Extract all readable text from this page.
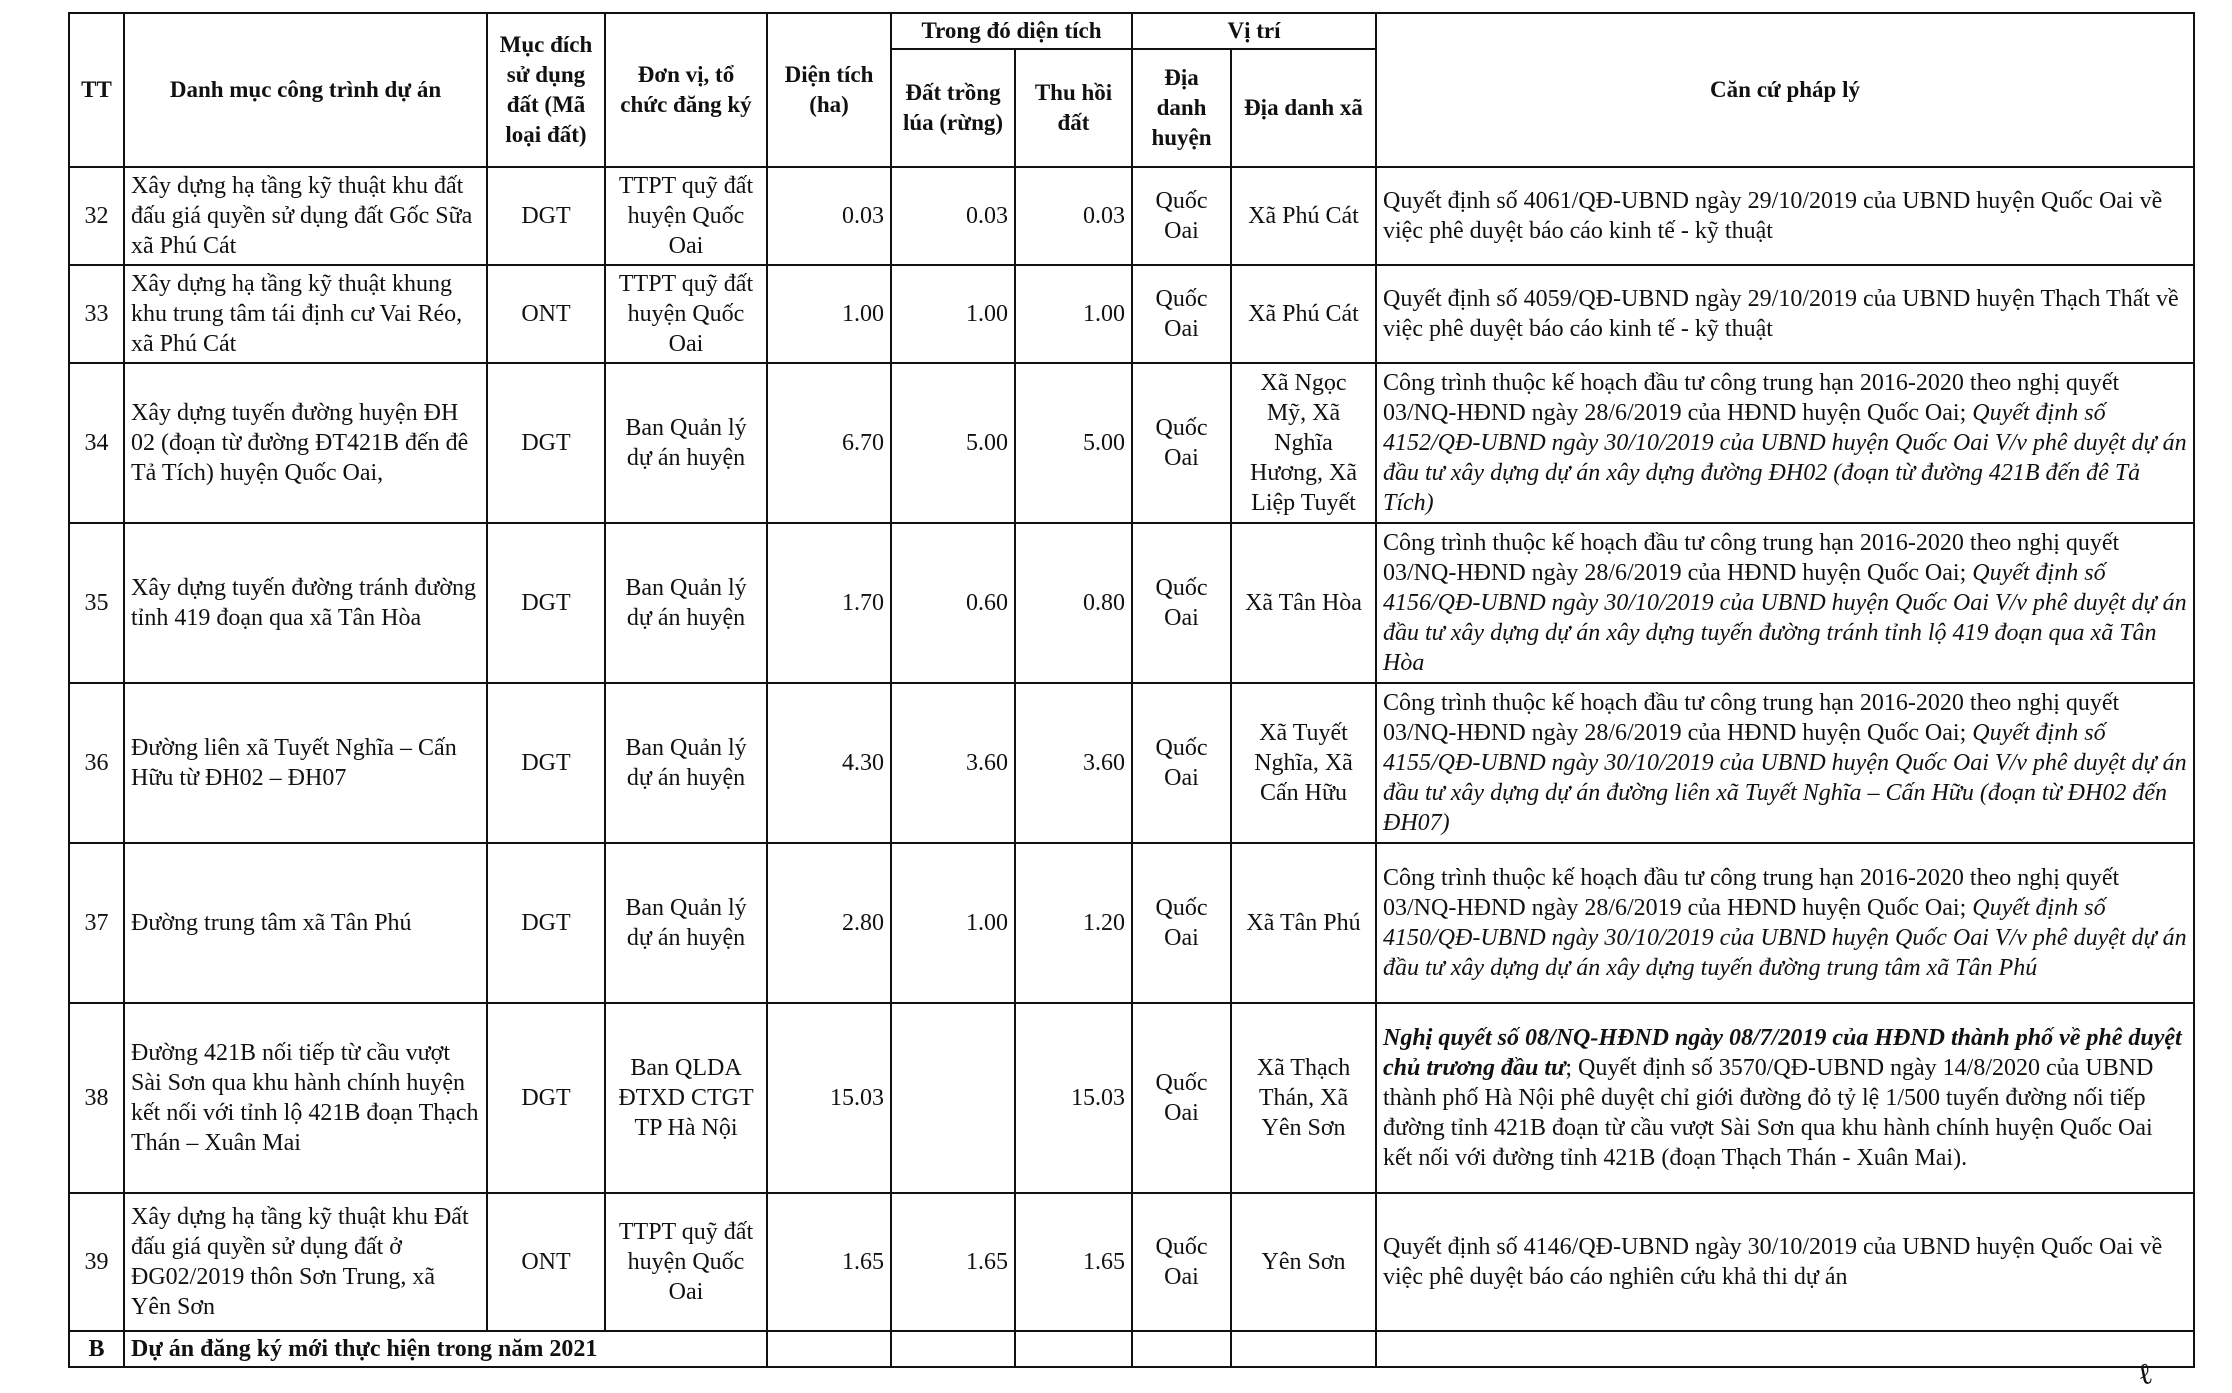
TT	Danh mục công trình dự án	Mục đích sử dụng đất (Mã loại đất)	Đơn vị, tổ chức đăng ký	Diện tích (ha)	Trong đó diện tích		Vị trí		Căn cứ pháp lý
					Đất trồng lúa (rừng)	Thu hồi đất	Địa danh huyện	Địa danh xã	
32	Xây dựng hạ tầng kỹ thuật khu đất đấu giá quyền sử dụng đất Gốc Sữa xã Phú Cát	DGT	TTPT quỹ đất huyện Quốc Oai	0.03	0.03	0.03	Quốc Oai	Xã Phú Cát	Quyết định số 4061/QĐ-UBND ngày 29/10/2019 của UBND huyện Quốc Oai về việc phê duyệt báo cáo kinh tế - kỹ thuật
33	Xây dựng hạ tầng kỹ thuật khung khu trung tâm tái định cư Vai Réo, xã Phú Cát	ONT	TTPT quỹ đất huyện Quốc Oai	1.00	1.00	1.00	Quốc Oai	Xã Phú Cát	Quyết định số 4059/QĐ-UBND ngày 29/10/2019 của UBND huyện Thạch Thất về việc phê duyệt báo cáo kinh tế - kỹ thuật
34	Xây dựng tuyến đường huyện ĐH 02 (đoạn từ đường ĐT421B đến đê Tả Tích) huyện Quốc Oai,	DGT	Ban Quản lý dự án huyện	6.70	5.00	5.00	Quốc Oai	Xã Ngọc Mỹ, Xã Nghĩa Hương, Xã Liệp Tuyết	Công trình thuộc kế hoạch đầu tư công trung hạn 2016-2020 theo nghị quyết 03/NQ-HĐND ngày 28/6/2019 của HĐND huyện Quốc Oai; Quyết định số 4152/QĐ-UBND ngày 30/10/2019 của UBND huyện Quốc Oai V/v phê duyệt dự án đầu tư xây dựng dự án xây dựng đường ĐH02 (đoạn từ đường 421B đến đê Tả Tích)
35	Xây dựng tuyến đường tránh đường tỉnh 419 đoạn qua xã Tân Hòa	DGT	Ban Quản lý dự án huyện	1.70	0.60	0.80	Quốc Oai	Xã Tân Hòa	Công trình thuộc kế hoạch đầu tư công trung hạn 2016-2020 theo nghị quyết 03/NQ-HĐND ngày 28/6/2019 của HĐND huyện Quốc Oai; Quyết định số 4156/QĐ-UBND ngày 30/10/2019 của UBND huyện Quốc Oai V/v phê duyệt dự án đầu tư xây dựng dự án xây dựng tuyến đường tránh tỉnh lộ 419 đoạn qua xã Tân Hòa
36	Đường liên xã Tuyết Nghĩa – Cấn Hữu từ ĐH02 – ĐH07	DGT	Ban Quản lý dự án huyện	4.30	3.60	3.60	Quốc Oai	Xã Tuyết Nghĩa, Xã Cấn Hữu	Công trình thuộc kế hoạch đầu tư công trung hạn 2016-2020 theo nghị quyết 03/NQ-HĐND ngày 28/6/2019 của HĐND huyện Quốc Oai; Quyết định số 4155/QĐ-UBND ngày 30/10/2019 của UBND huyện Quốc Oai V/v phê duyệt dự án đầu tư xây dựng dự án đường liên xã Tuyết Nghĩa – Cấn Hữu (đoạn từ ĐH02 đến ĐH07)
37	Đường trung tâm xã Tân Phú	DGT	Ban Quản lý dự án huyện	2.80	1.00	1.20	Quốc Oai	Xã Tân Phú	Công trình thuộc kế hoạch đầu tư công trung hạn 2016-2020 theo nghị quyết 03/NQ-HĐND ngày 28/6/2019 của HĐND huyện Quốc Oai; Quyết định số 4150/QĐ-UBND ngày 30/10/2019 của UBND huyện Quốc Oai V/v phê duyệt dự án đầu tư xây dựng dự án xây dựng tuyến đường trung tâm xã Tân Phú
38	Đường 421B nối tiếp từ cầu vượt Sài Sơn qua khu hành chính huyện kết nối với tỉnh lộ 421B đoạn Thạch Thán – Xuân Mai	DGT	Ban QLDA ĐTXD CTGT TP Hà Nội	15.03		15.03	Quốc Oai	Xã Thạch Thán, Xã Yên Sơn	Nghị quyết số 08/NQ-HĐND ngày 08/7/2019 của HĐND thành phố về phê duyệt chủ trương đầu tư; Quyết định số 3570/QĐ-UBND ngày 14/8/2020 của UBND thành phố Hà Nội phê duyệt chỉ giới đường đỏ tỷ lệ 1/500 tuyến đường nối tiếp đường tỉnh 421B đoạn từ cầu vượt Sài Sơn qua khu hành chính huyện Quốc Oai kết nối với đường tỉnh 421B (đoạn Thạch Thán - Xuân Mai).
39	Xây dựng hạ tầng kỹ thuật khu Đất đấu giá quyền sử dụng đất ở ĐG02/2019 thôn Sơn Trung, xã Yên Sơn	ONT	TTPT quỹ đất huyện Quốc Oai	1.65	1.65	1.65	Quốc Oai	Yên Sơn	Quyết định số 4146/QĐ-UBND ngày 30/10/2019 của UBND huyện Quốc Oai về việc phê duyệt báo cáo nghiên cứu khả thi dự án
B	Dự án đăng ký mới thực hiện trong năm 2021								
ℓ
